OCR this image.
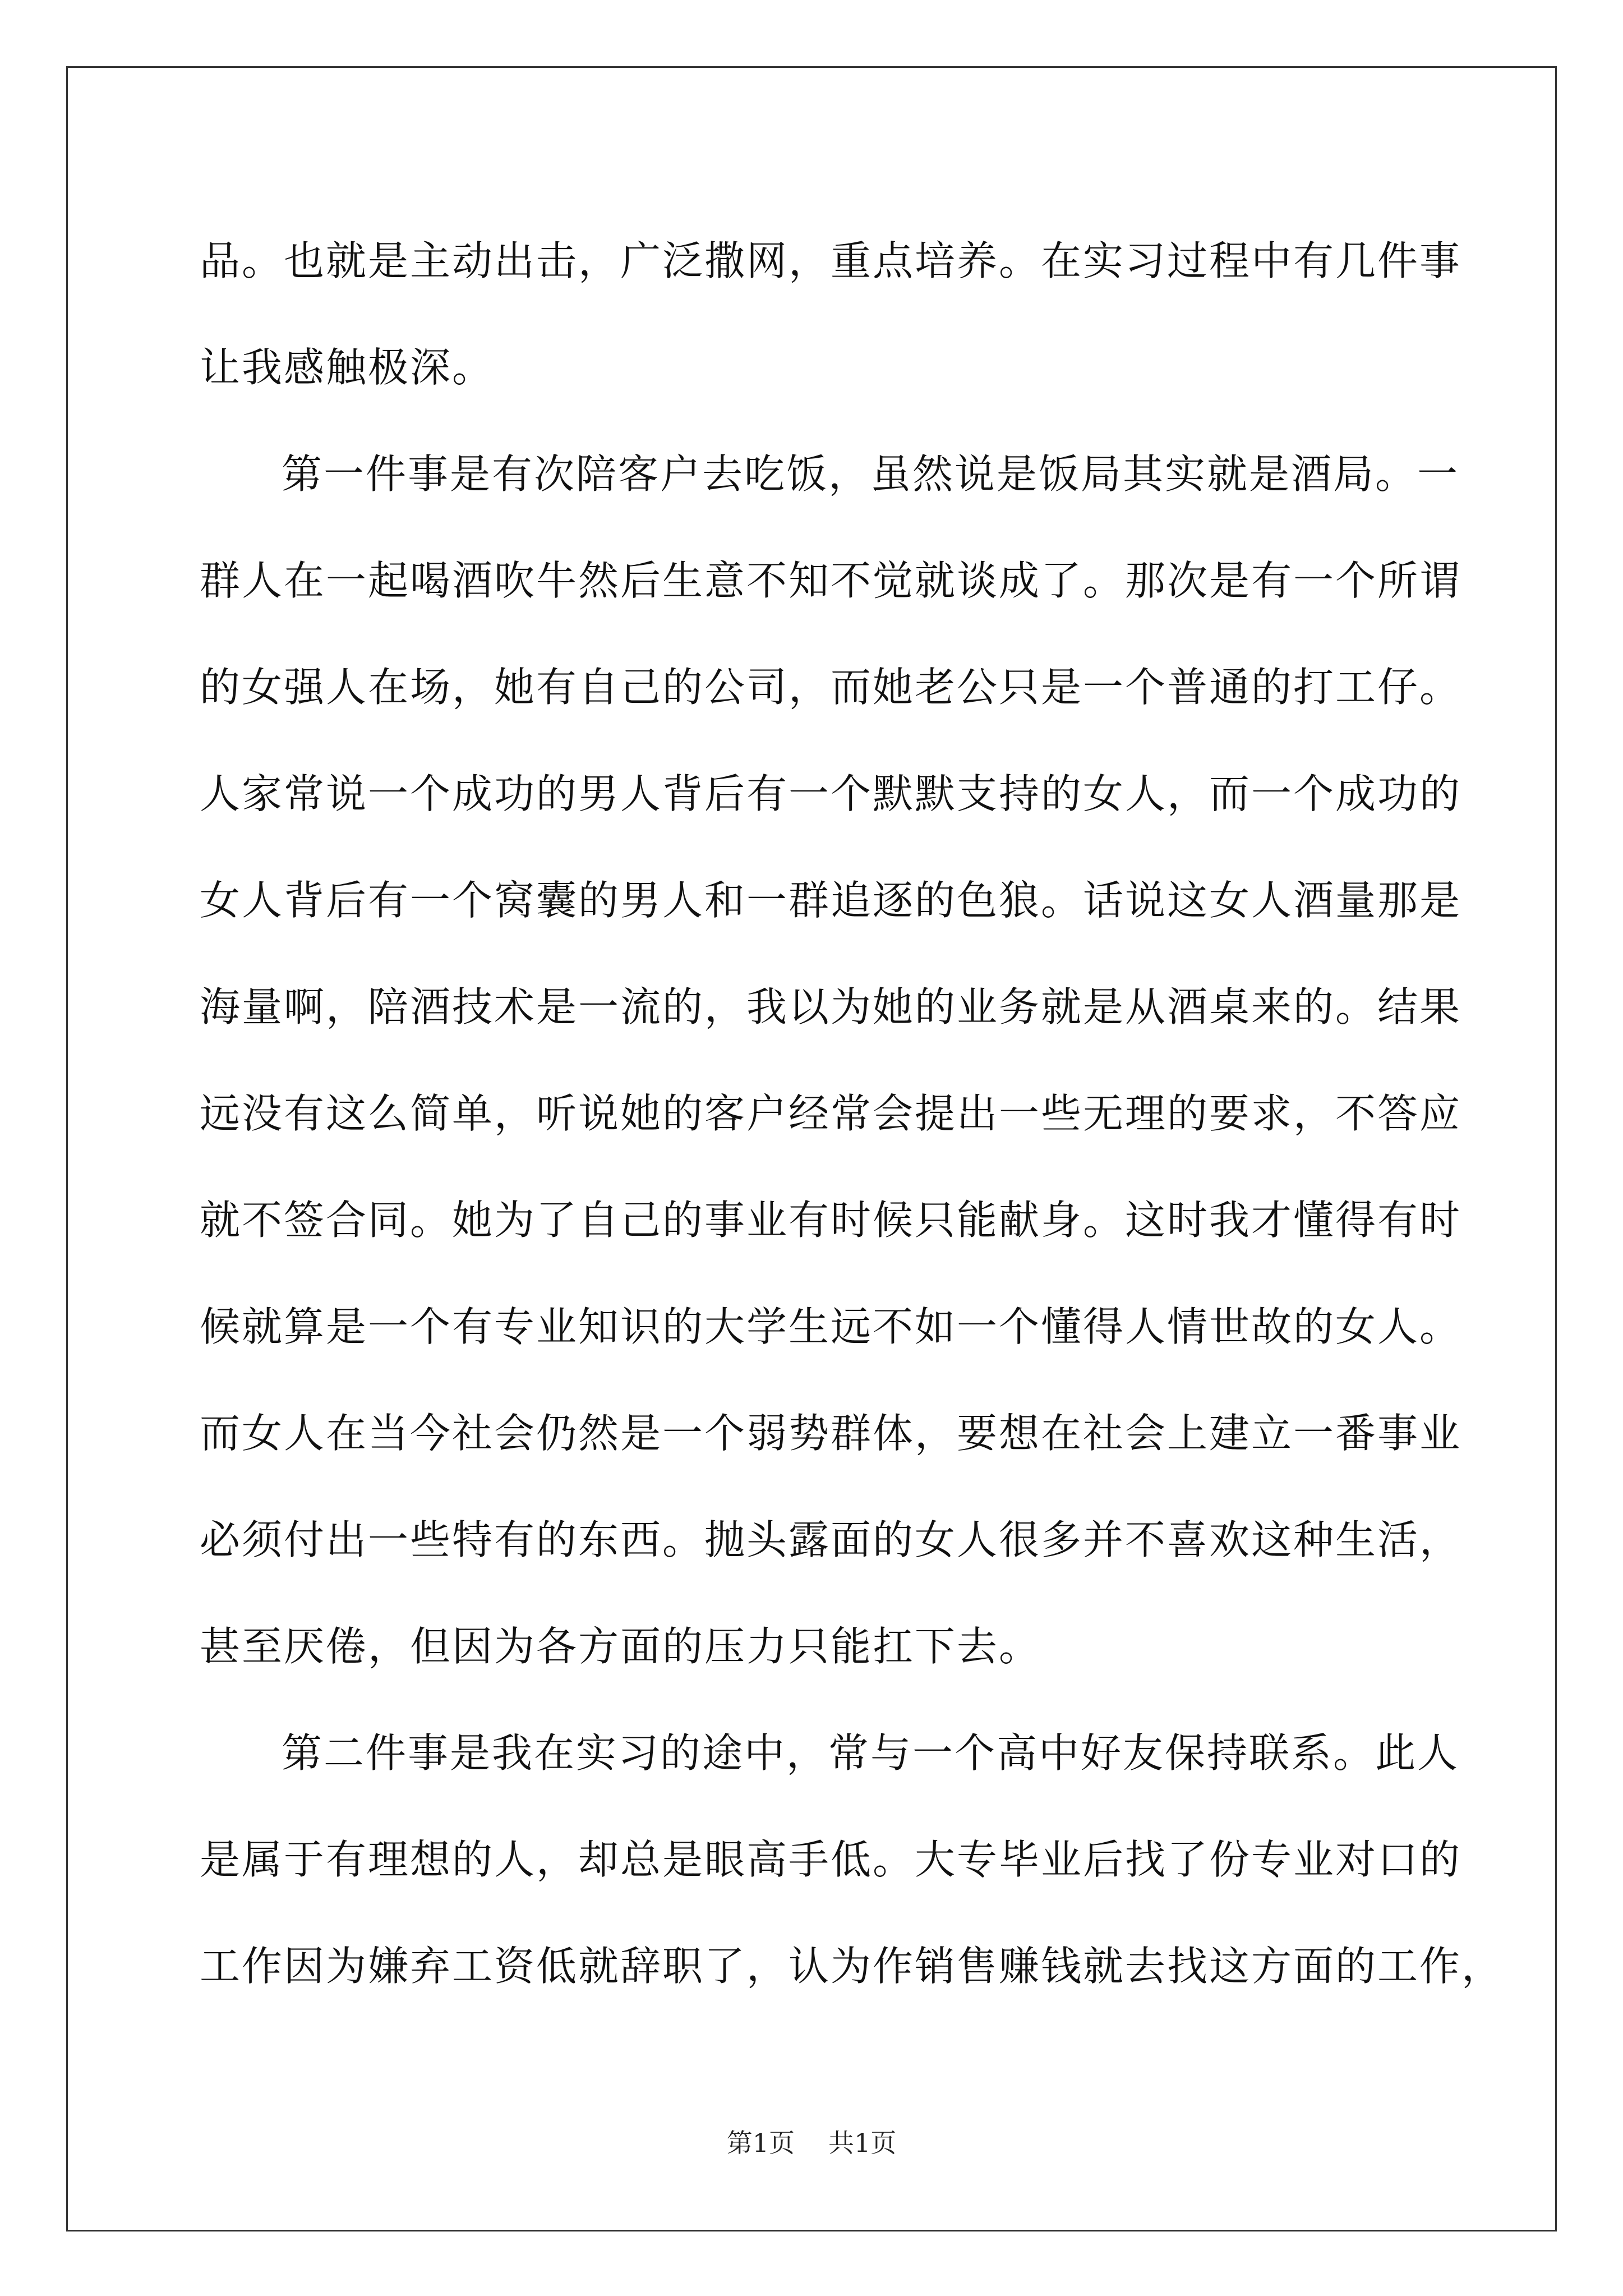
品。也就是主动出击，广泛撒网，重点培养。在实习过程中有几件事
让我感触极深。
第一件事是有次陪客户去吃饭，虽然说是饭局其实就是酒局。一
群人在一起喝酒吹牛然后生意不知不觉就谈成了。那次是有一个所谓
的女强人在场，她有自己的公司，而她老公只是一个普通的打工仔。
人家常说一个成功的男人背后有一个默默支持的女人，而一个成功的
女人背后有一个窝囊的男人和一群追逐的色狼。话说这女人酒量那是
海量啊，陪酒技术是一流的，我以为她的业务就是从酒桌来的。结果
远没有这么简单，听说她的客户经常会提出一些无理的要求，不答应
就不签合同。她为了自己的事业有时候只能献身。这时我才懂得有时
候就算是一个有专业知识的大学生远不如一个懂得人情世故的女人。
而女人在当今社会仍然是一个弱势群体，要想在社会上建立一番事业
必须付出一些特有的东西。抛头露面的女人很多并不喜欢这种生活，
甚至厌倦，但因为各方面的压力只能扛下去。
第二件事是我在实习的途中，常与一个高中好友保持联系。此人
是属于有理想的人，却总是眼高手低。大专毕业后找了份专业对口的
工作因为嫌弃工资低就辞职了，认为作销售赚钱就去找这方面的工作，
第1页 共1页
